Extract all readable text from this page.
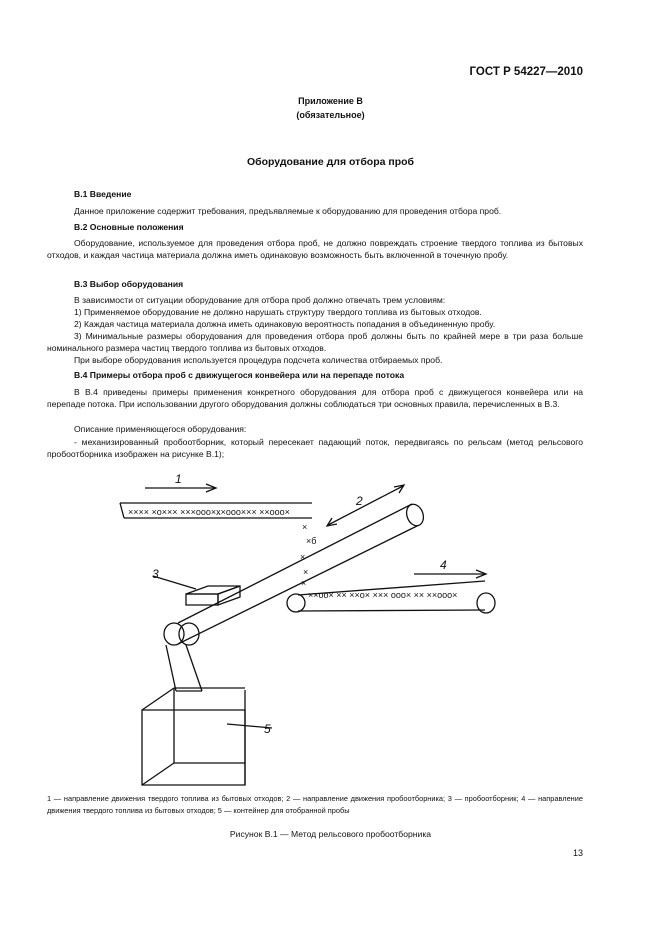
ГОСТ Р 54227—2010
Приложение В
(обязательное)
Оборудование для отбора проб
В.1 Введение
Данное приложение содержит требования, предъявляемые к оборудованию для проведения отбора проб.
В.2 Основные положения
Оборудование, используемое для проведения отбора проб, не должно повреждать строение твердого топлива из бытовых отходов, и каждая частица материала должна иметь одинаковую возможность быть включенной в точечную пробу.
В.3 Выбор оборудования
В зависимости от ситуации оборудование для отбора проб должно отвечать трем условиям:
1) Применяемое оборудование не должно нарушать структуру твердого топлива из бытовых отходов.
2) Каждая частица материала должна иметь одинаковую вероятность попадания в объединенную пробу.
3) Минимальные размеры оборудования для проведения отбора проб должны быть по крайней мере в три раза больше номинального размера частиц твердого топлива из бытовых отходов.
При выборе оборудования используется процедура подсчета количества отбираемых проб.
В.4 Примеры отбора проб с движущегося конвейера или на перепаде потока
В В.4 приведены примеры применения конкретного оборудования для отбора проб с движущегося конвейера или на перепаде потока. При использовании другого оборудования должны соблюдаться три основных правила, перечисленных в В.3.
Описание применяющегося оборудования:
- механизированный пробоотборник, который пересекает падающий поток, передвигаясь по рельсам (метод рельсового пробоотборника изображен на рисунке В.1);
×××× ×o××× ×××ооо×х×ооо××× ××ооо×
×
×б
×
×
×
××оо× ×× ××о× ××× ооо× ×× ××ооо×
1
2
3
4
5
1 — направление движения твердого топлива из бытовых отходов; 2 — направление движения пробоотборника; 3 — пробоотборник; 4 — направление движения твердого топлива из бытовых отходов; 5 — контейнер для отобранной пробы
Рисунок В.1 — Метод рельсового пробоотборника
13
